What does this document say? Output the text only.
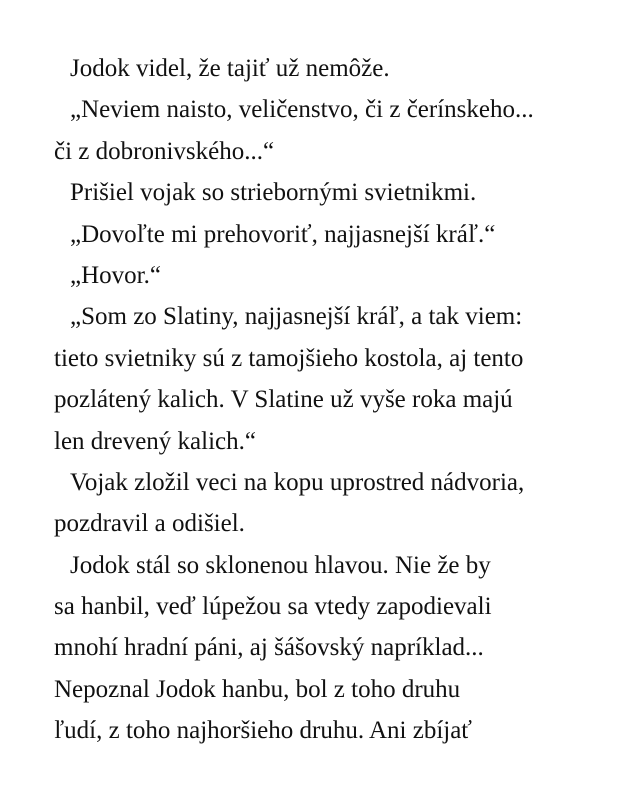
Jodok videl, že tajiť už nemôže.
„Neviem naisto, veličenstvo, či z čerínskeho...
či z dobronivského...“
Prišiel vojak so striebornými svietnikmi.
„Dovoľte mi prehovoriť, najjasnejší kráľ.“
„Hovor.“
„Som zo Slatiny, najjasnejší kráľ, a tak viem:
tieto svietniky sú z tamojšieho kostola, aj tento
pozlátený kalich. V Slatine už vyše roka majú
len drevený kalich.“
Vojak zložil veci na kopu uprostred nádvoria,
pozdravil a odišiel.
Jodok stál so sklonenou hlavou. Nie že by
sa hanbil, veď lúpežou sa vtedy zapodievali
mnohí hradní páni, aj šášovský napríklad...
Nepoznal Jodok hanbu, bol z toho druhu
ľudí, z toho najhoršieho druhu. Ani zbíjať
